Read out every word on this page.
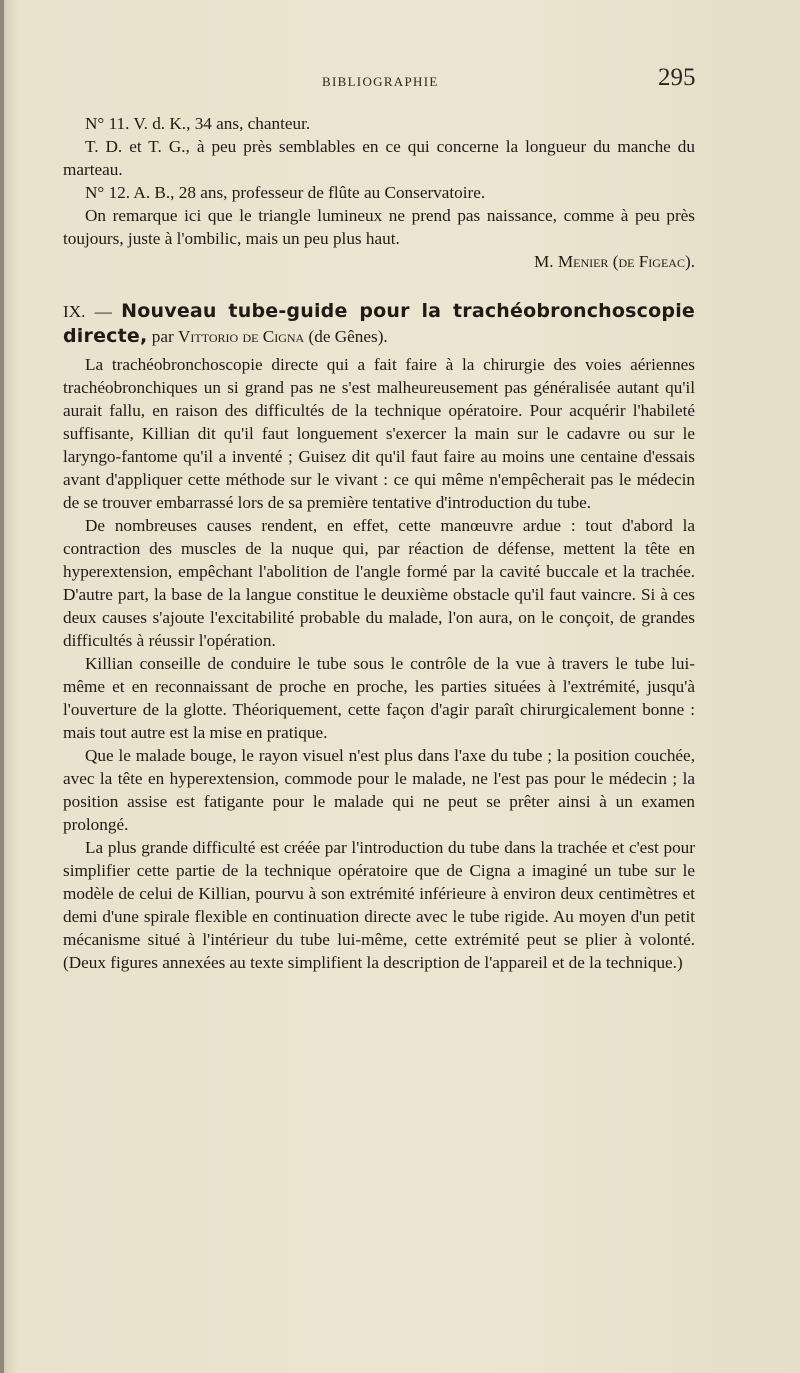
BIBLIOGRAPHIE	295

N° 11. V. d. K., 34 ans, chanteur.

T. D. et T. G., à peu près semblables en ce qui concerne la longueur du manche du marteau.

N° 12. A. B., 28 ans, professeur de flûte au Conservatoire.

On remarque ici que le triangle lumineux ne prend pas naissance, comme à peu près toujours, juste à l'ombilic, mais un peu plus haut.

M. Menier (de Figeac).

IX. — Nouveau tube-guide pour la trachéobronchoscopie directe, par Vittorio de Cigna (de Gênes).

La trachéobronchoscopie directe qui a fait faire à la chirurgie des voies aériennes trachéobronchiques un si grand pas ne s'est malheureusement pas généralisée autant qu'il aurait fallu, en raison des difficultés de la technique opératoire. Pour acquérir l'habileté suffisante, Killian dit qu'il faut longuement s'exercer la main sur le cadavre ou sur le laryngo-fantome qu'il a inventé ; Guisez dit qu'il faut faire au moins une centaine d'essais avant d'appliquer cette méthode sur le vivant : ce qui même n'empêcherait pas le médecin de se trouver embarrassé lors de sa première tentative d'introduction du tube.

De nombreuses causes rendent, en effet, cette manœuvre ardue : tout d'abord la contraction des muscles de la nuque qui, par réaction de défense, mettent la tête en hyperextension, empêchant l'abolition de l'angle formé par la cavité buccale et la trachée. D'autre part, la base de la langue constitue le deuxième obstacle qu'il faut vaincre. Si à ces deux causes s'ajoute l'excitabilité probable du malade, l'on aura, on le conçoit, de grandes difficultés à réussir l'opération.

Killian conseille de conduire le tube sous le contrôle de la vue à travers le tube lui-même et en reconnaissant de proche en proche, les parties situées à l'extrémité, jusqu'à l'ouverture de la glotte. Théoriquement, cette façon d'agir paraît chirurgicalement bonne : mais tout autre est la mise en pratique.

Que le malade bouge, le rayon visuel n'est plus dans l'axe du tube ; la position couchée, avec la tête en hyperextension, commode pour le malade, ne l'est pas pour le médecin ; la position assise est fatigante pour le malade qui ne peut se prêter ainsi à un examen prolongé.

La plus grande difficulté est créée par l'introduction du tube dans la trachée et c'est pour simplifier cette partie de la technique opératoire que de Cigna a imaginé un tube sur le modèle de celui de Killian, pourvu à son extrémité inférieure à environ deux centimètres et demi d'une spirale flexible en continuation directe avec le tube rigide. Au moyen d'un petit mécanisme situé à l'intérieur du tube lui-même, cette extrémité peut se plier à volonté. (Deux figures annexées au texte simplifient la description de l'appareil et de la technique.)
